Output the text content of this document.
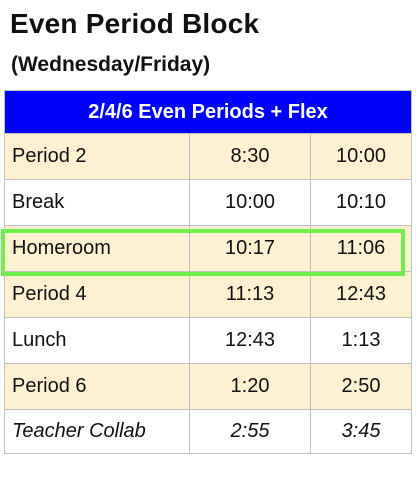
Even Period Block
(Wednesday/Friday)
2/4/6 Even Periods + Flex		
Period 2	8:30	10:00
Break	10:00	10:10
Homeroom	10:17	11:06
Period 4	11:13	12:43
Lunch	12:43	1:13
Period 6	1:20	2:50
Teacher Collab	2:55	3:45
